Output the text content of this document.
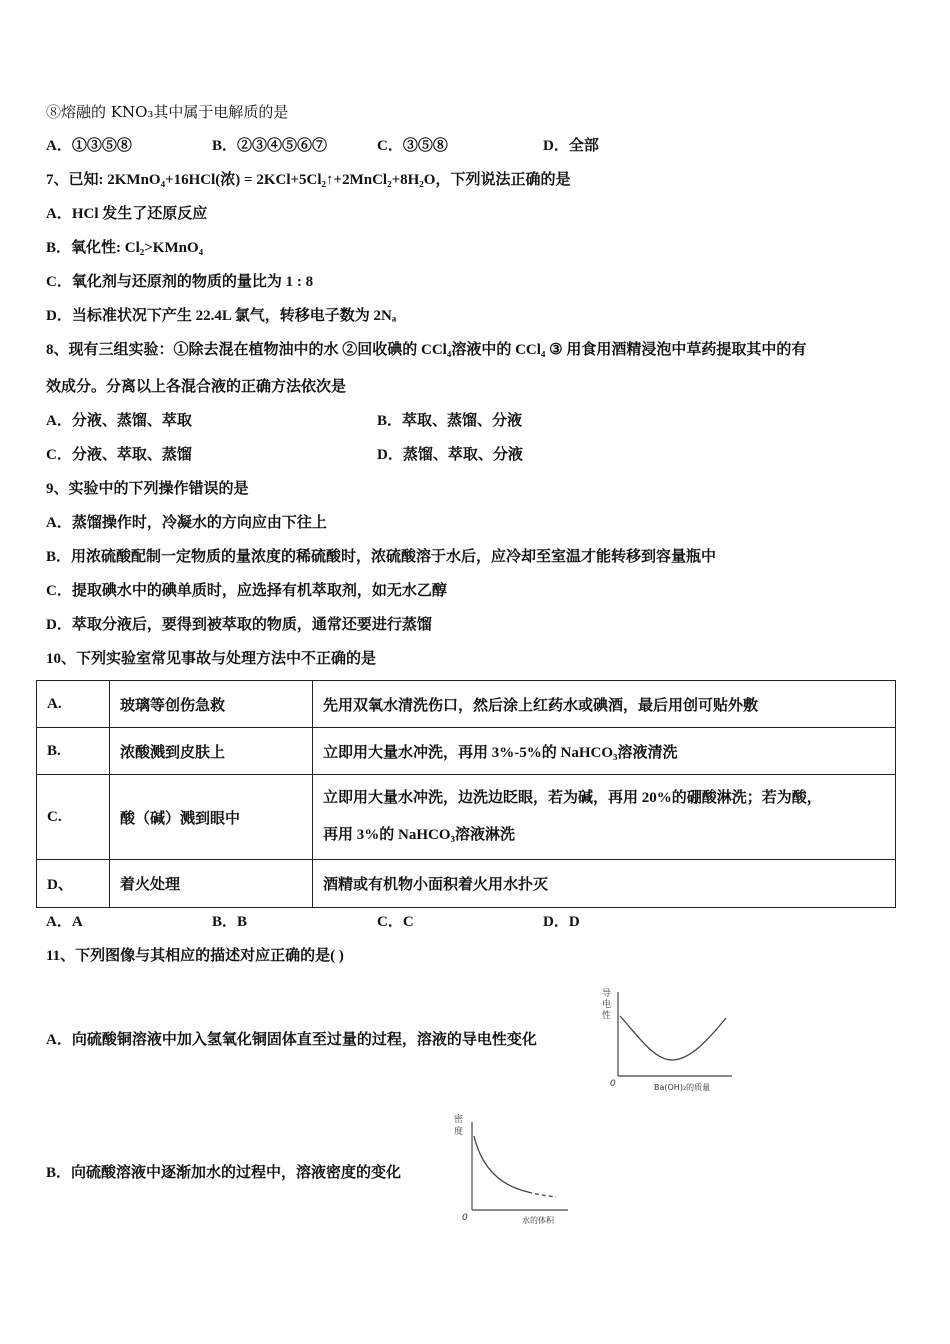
⑧熔融的 KNO₃其中属于电解质的是
A．①③⑤⑧	B．②③④⑤⑥⑦	C．③⑤⑧	D．全部
7、已知: 2KMnO₄+16HCl(浓) = 2KCl+5Cl₂↑+2MnCl₂+8H₂O，下列说法正确的是
A．HCl 发生了还原反应
B．氧化性: Cl₂>KMnO₄
C．氧化剂与还原剂的物质的量比为 1 : 8
D．当标准状况下产生 22.4L 氯气，转移电子数为 2Nₐ
8、现有三组实验：①除去混在植物油中的水 ②回收碘的 CCl₄溶液中的 CCl₄ ③ 用食用酒精浸泡中草药提取其中的有
效成分。分离以上各混合液的正确方法依次是
A．分液、蒸馏、萃取	B．萃取、蒸馏、分液
C．分液、萃取、蒸馏	D．蒸馏、萃取、分液
9、实验中的下列操作错误的是
A．蒸馏操作时，冷凝水的方向应由下往上
B．用浓硫酸配制一定物质的量浓度的稀硫酸时，浓硫酸溶于水后，应冷却至室温才能转移到容量瓶中
C．提取碘水中的碘单质时，应选择有机萃取剂，如无水乙醇
D．萃取分液后，要得到被萃取的物质，通常还要进行蒸馏
10、下列实验室常见事故与处理方法中不正确的是
A.	玻璃等创伤急救	先用双氧水清洗伤口，然后涂上红药水或碘酒，最后用创可贴外敷
B.	浓酸溅到皮肤上	立即用大量水冲洗，再用 3%-5%的 NaHCO₃溶液清洗
C.	酸（碱）溅到眼中	立即用大量水冲洗，边洗边眨眼，若为碱，再用 20%的硼酸淋洗；若为酸，
再用 3%的 NaHCO₃溶液淋洗

D、	着火处理	酒精或有机物小面积着火用水扑灭
A．A	B．B	C．C	D．D
11、下列图像与其相应的描述对应正确的是( )
A．向硫酸铜溶液中加入氢氧化铜固体直至过量的过程，溶液的导电性变化
B．向硫酸溶液中逐渐加水的过程中，溶液密度的变化
导
电
性
0	Ba(OH)₂的质量
密
度
0	水的体积
